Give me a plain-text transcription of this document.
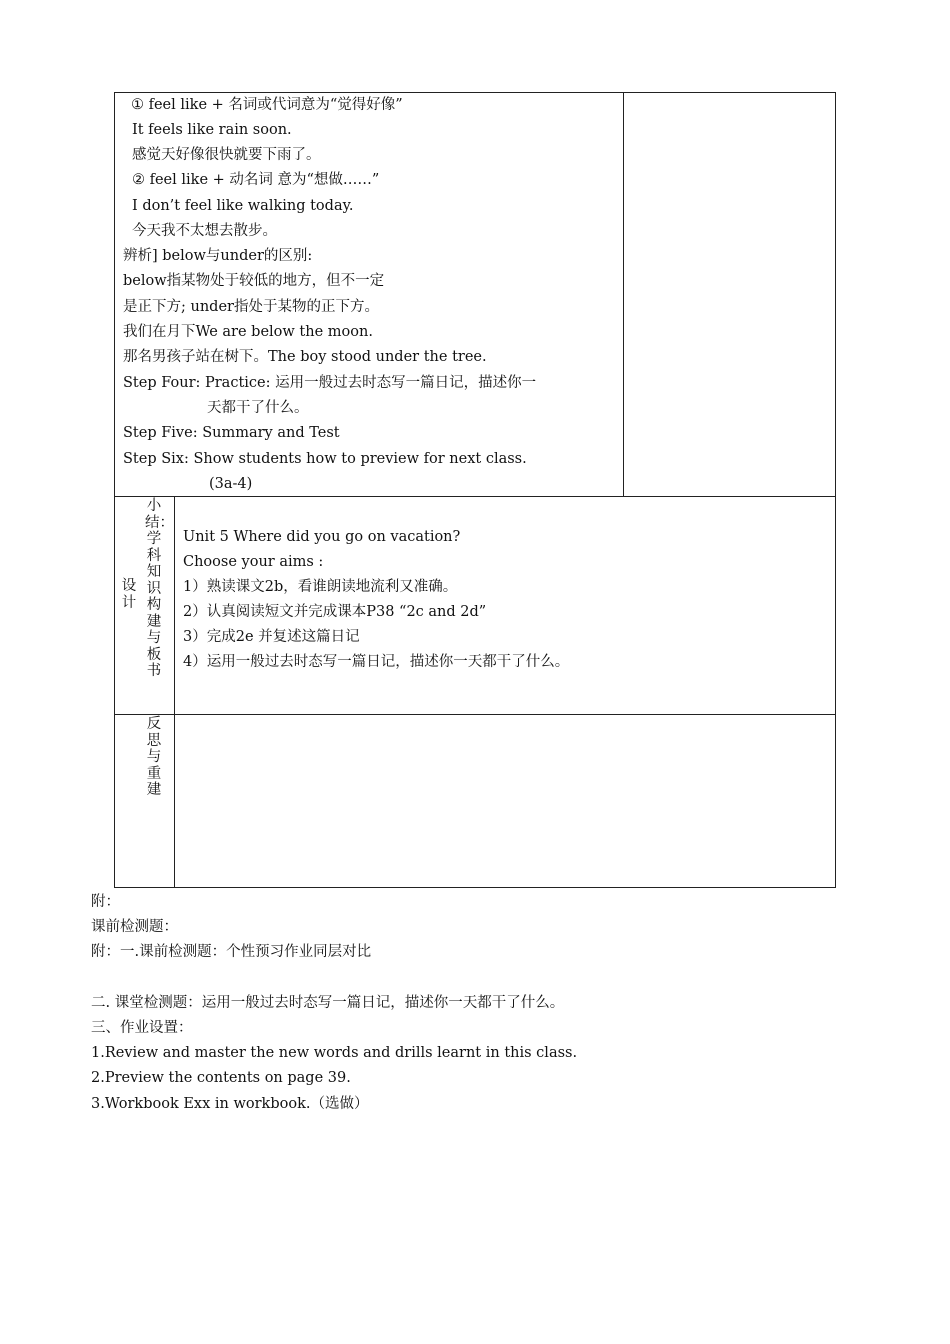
① feel like + 名词或代词意为“觉得好像”
It feels like rain soon.
感觉天好像很快就要下雨了。
② feel like + 动名词 意为“想做……”
I don’t feel like walking today.
今天我不太想去散步。
辨析] below与under的区别:
below指某物处于较低的地方，但不一定
是正下方; under指处于某物的正下方。
我们在月下We are below the moon.
那名男孩子站在树下。The boy stood under the tree.
Step Four: Practice: 运用一般过去时态写一篇日记，描述你一
天都干了什么。
Step Five: Summary and Test
Step Six: Show students how to preview for next class.
(3a-4)
设计
小结：学科知识构建与板书
Unit 5 Where did you go on vacation?
Choose your aims :
1）熟读课文2b，看谁朗读地流利又准确。
2）认真阅读短文并完成课本P38 “2c and 2d”
3）完成2e 并复述这篇日记
4）运用一般过去时态写一篇日记，描述你一天都干了什么。
反思与重建
附：
课前检测题：
附：一.课前检测题：个性预习作业同层对比
二. 课堂检测题：运用一般过去时态写一篇日记，描述你一天都干了什么。
三、作业设置：
1.Review and master the new words and drills learnt in this class.
2.Preview the contents on page 39.
3.Workbook Exx in workbook.（选做）
